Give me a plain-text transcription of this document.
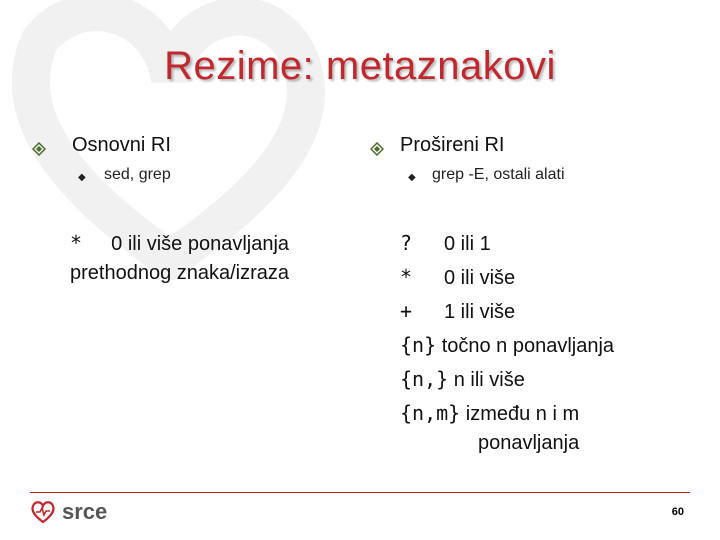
Rezime: metaznakovi
Osnovni RI
◆ sed, grep
* 0 ili više ponavljanja
prethodnog znaka/izraza
Prošireni RI
◆ grep -E, ostali alati
? 0 ili 1
* 0 ili više
+ 1 ili više
{n} točno n ponavljanja
{n,} n ili više
{n,m} između n i m
ponavljanja
srce	60
